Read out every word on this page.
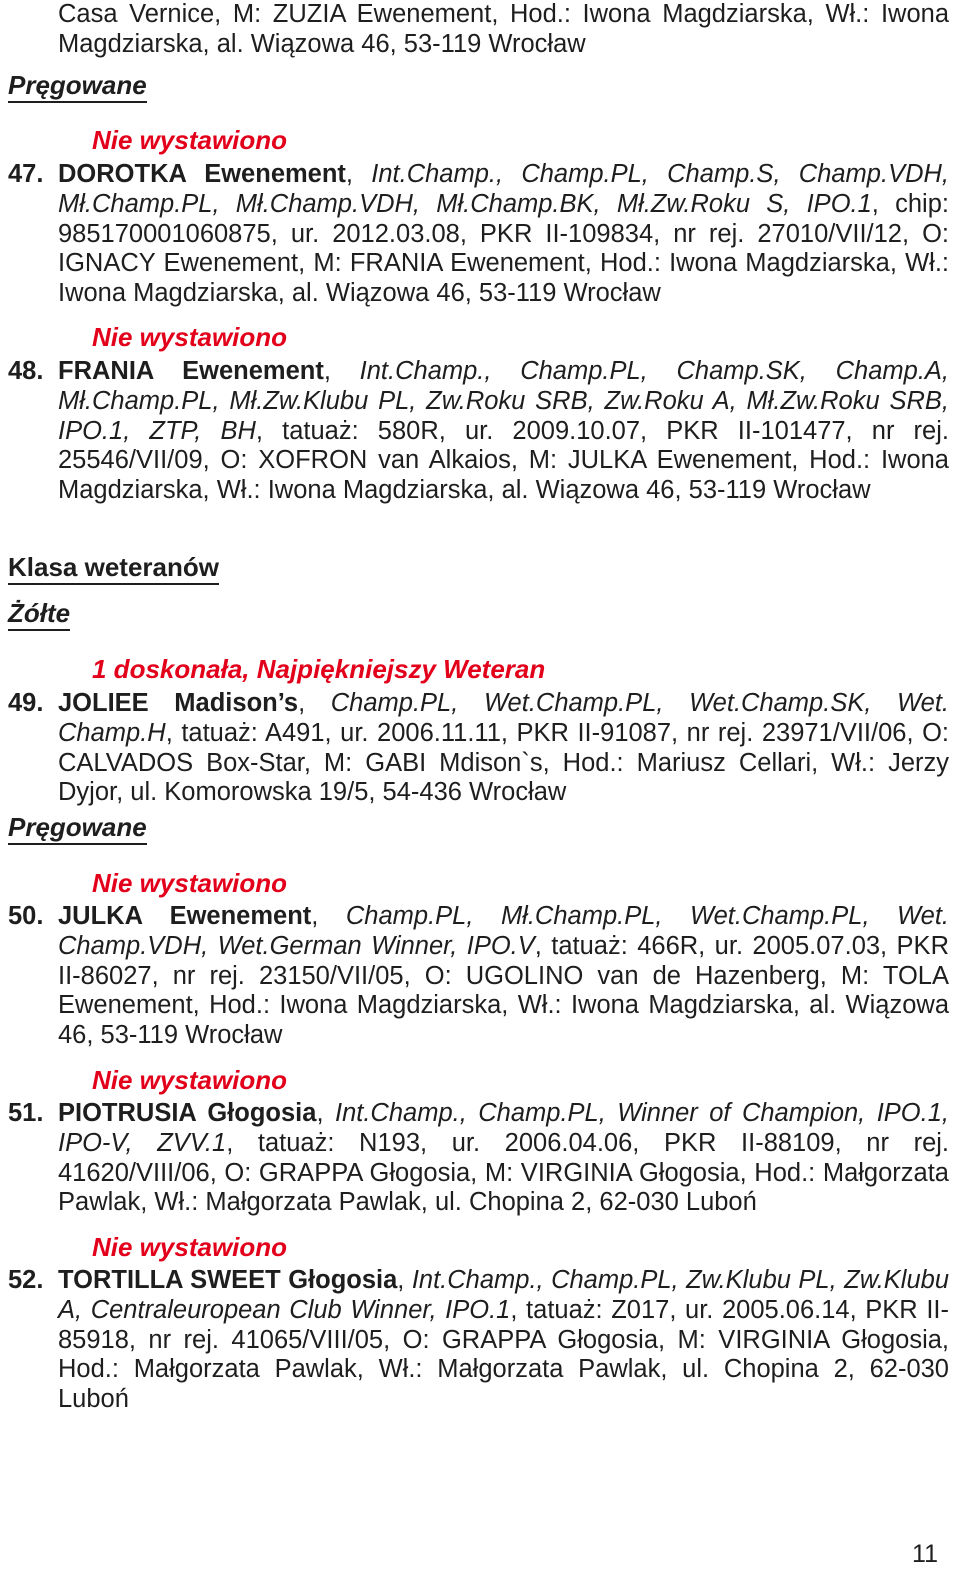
Casa Vernice, M: ZUZIA Ewenement, Hod.: Iwona Magdziarska, Wł.: Iwona Magdziarska, al. Wiązowa 46, 53-119 Wrocław
Pręgowane
Nie wystawiono
47. DOROTKA Ewenement, Int.Champ., Champ.PL, Champ.S, Champ.VDH, Mł.Champ.PL, Mł.Champ.VDH, Mł.Champ.BK, Mł.Zw.Roku S, IPO.1, chip: 985170001060875, ur. 2012.03.08, PKR II-109834, nr rej. 27010/VII/12, O: IGNACY Ewenement, M: FRANIA Ewenement, Hod.: Iwona Magdziarska, Wł.: Iwona Magdziarska, al. Wiązowa 46, 53-119 Wrocław
Nie wystawiono
48. FRANIA Ewenement, Int.Champ., Champ.PL, Champ.SK, Champ.A, Mł.Champ.PL, Mł.Zw.Klubu PL, Zw.Roku SRB, Zw.Roku A, Mł.Zw.Roku SRB, IPO.1, ZTP, BH, tatuaż: 580R, ur. 2009.10.07, PKR II-101477, nr rej. 25546/VII/09, O: XOFRON van Alkaios, M: JULKA Ewenement, Hod.: Iwona Magdziarska, Wł.: Iwona Magdziarska, al. Wiązowa 46, 53-119 Wrocław
Klasa weteranów
Żółte
1 doskonała, Najpiękniejszy Weteran
49. JOLIEE Madison’s, Champ.PL, Wet.Champ.PL, Wet.Champ.SK, Wet. Champ.H, tatuaż: A491, ur. 2006.11.11, PKR II-91087, nr rej. 23971/VII/06, O: CALVADOS Box-Star, M: GABI Mdison`s, Hod.: Mariusz Cellari, Wł.: Jerzy Dyjor, ul. Komorowska 19/5, 54-436 Wrocław
Pręgowane
Nie wystawiono
50. JULKA Ewenement, Champ.PL, Mł.Champ.PL, Wet.Champ.PL, Wet. Champ.VDH, Wet.German Winner, IPO.V, tatuaż: 466R, ur. 2005.07.03, PKR II-86027, nr rej. 23150/VII/05, O: UGOLINO van de Hazenberg, M: TOLA Ewenement, Hod.: Iwona Magdziarska, Wł.: Iwona Magdziarska, al. Wiązowa 46, 53-119 Wrocław
Nie wystawiono
51. PIOTRUSIA Głogosia, Int.Champ., Champ.PL, Winner of Champion, IPO.1, IPO-V, ZVV.1, tatuaż: N193, ur. 2006.04.06, PKR II-88109, nr rej. 41620/VIII/06, O: GRAPPA Głogosia, M: VIRGINIA Głogosia, Hod.: Małgorzata Pawlak, Wł.: Małgorzata Pawlak, ul. Chopina 2, 62-030 Luboń
Nie wystawiono
52. TORTILLA SWEET Głogosia, Int.Champ., Champ.PL, Zw.Klubu PL, Zw.Klubu A, Centraleuropean Club Winner, IPO.1, tatuaż: Z017, ur. 2005.06.14, PKR II-85918, nr rej. 41065/VIII/05, O: GRAPPA Głogosia, M: VIRGINIA Głogosia, Hod.: Małgorzata Pawlak, Wł.: Małgorzata Pawlak, ul. Chopina 2, 62-030 Luboń
11
